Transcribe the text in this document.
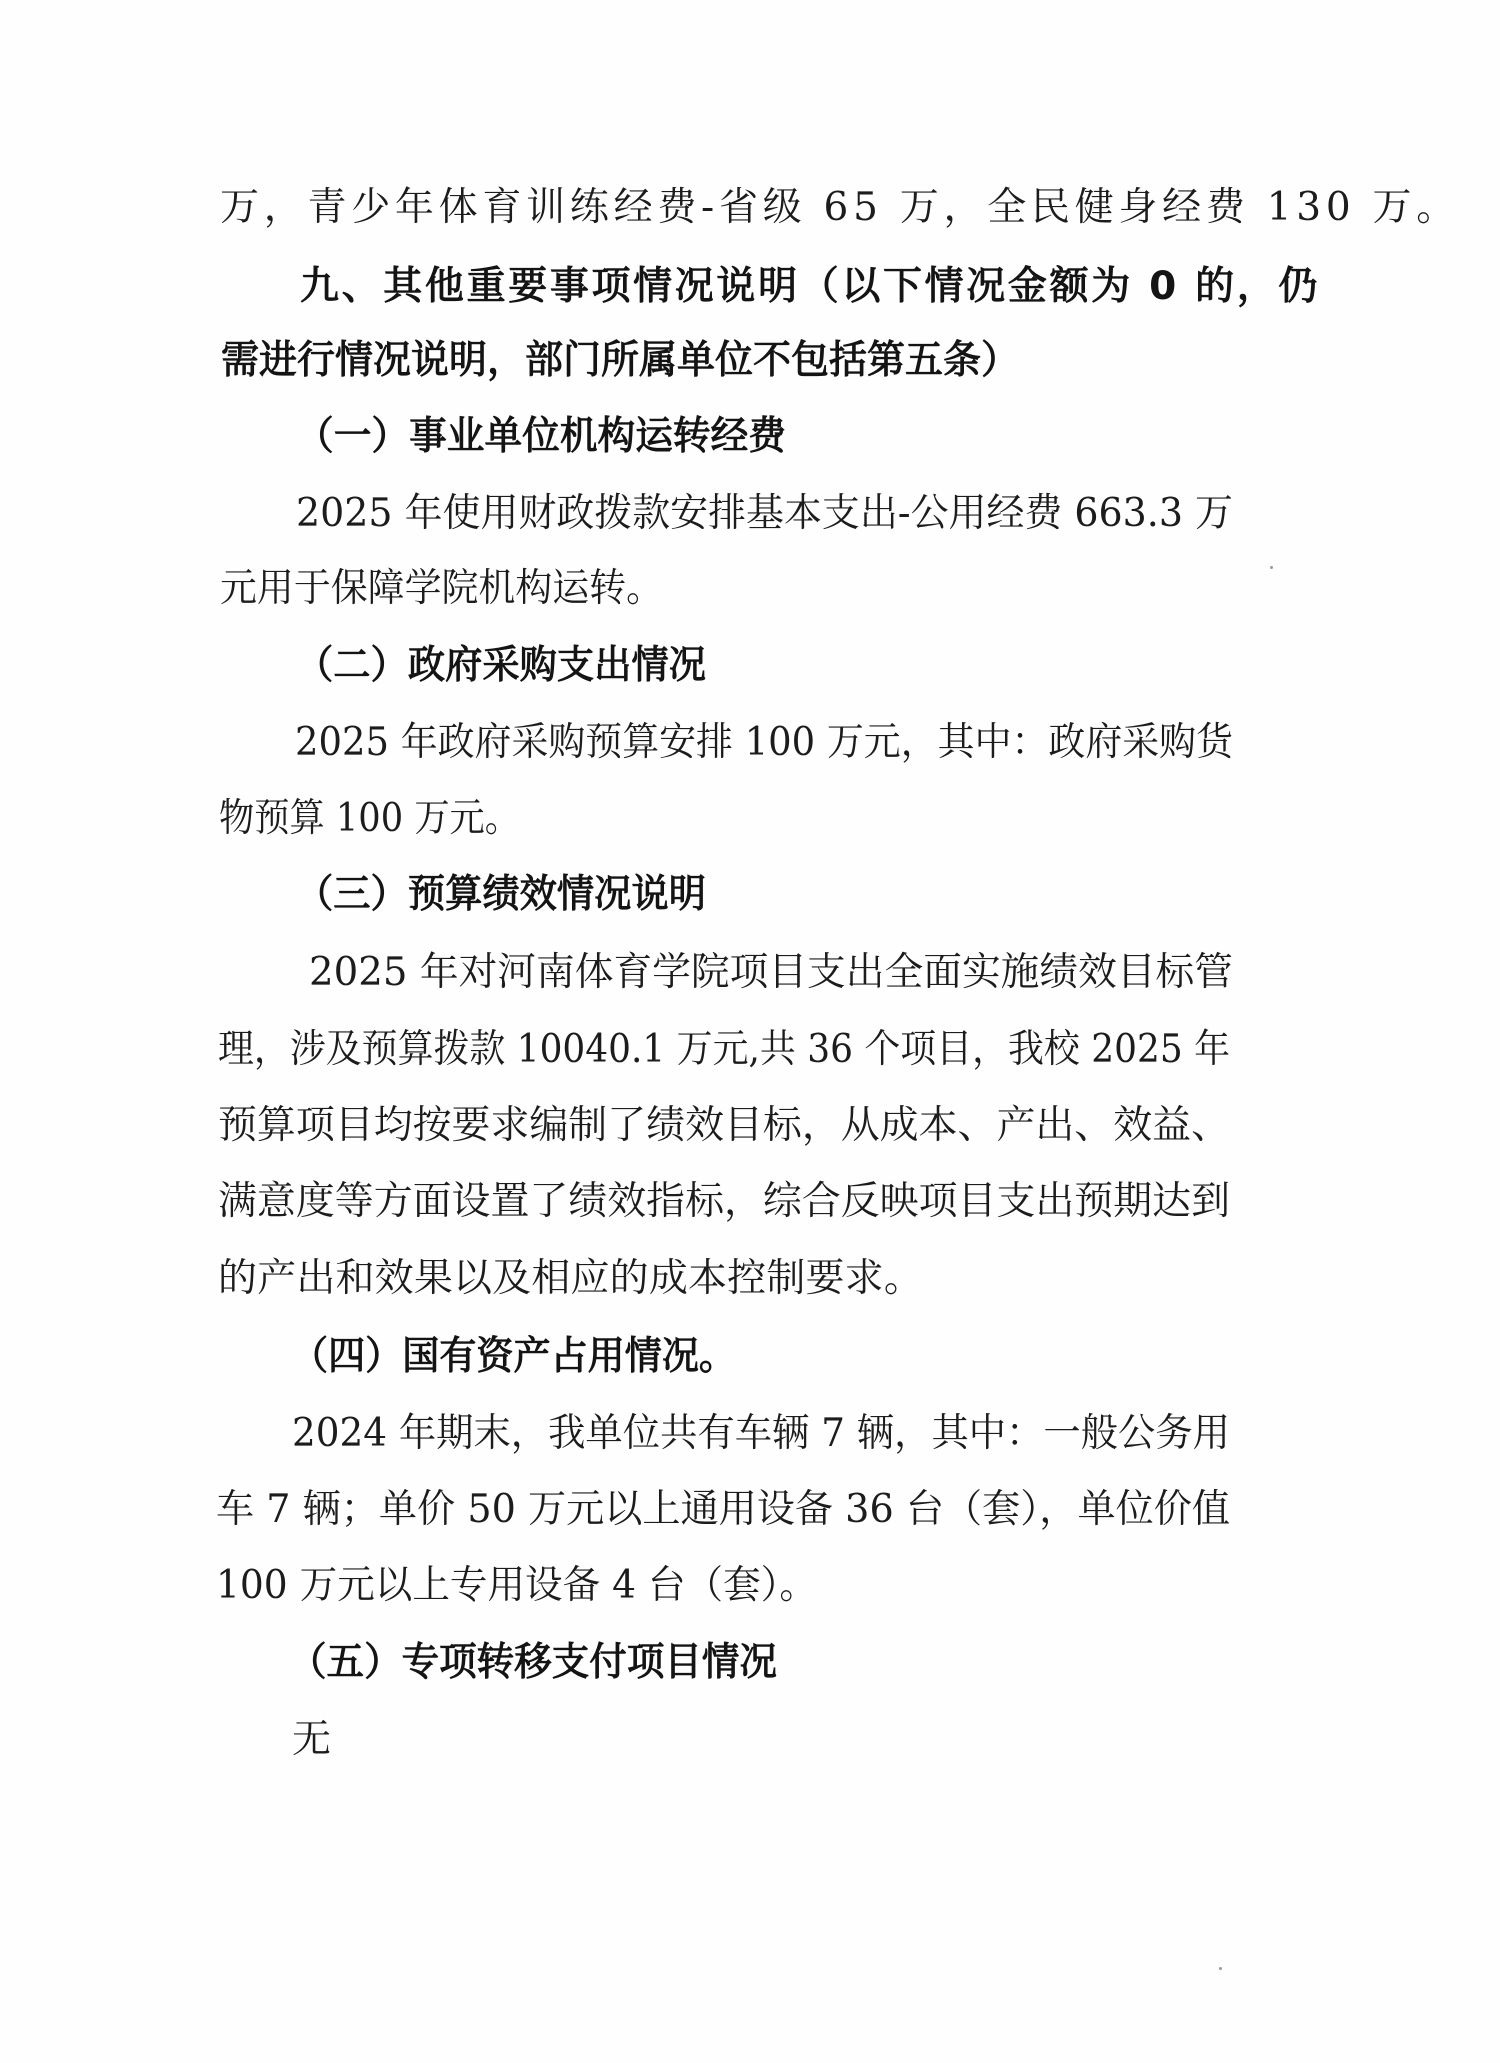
万，青少年体育训练经费-省级 65 万，全民健身经费 130 万。
九、其他重要事项情况说明（以下情况金额为 0 的，仍
需进行情况说明，部门所属单位不包括第五条）
（一）事业单位机构运转经费
2025 年使用财政拨款安排基本支出-公用经费 663.3 万
元用于保障学院机构运转。
（二）政府采购支出情况
2025 年政府采购预算安排 100 万元，其中：政府采购货
物预算 100 万元。
（三）预算绩效情况说明
2025 年对河南体育学院项目支出全面实施绩效目标管
理，涉及预算拨款 10040.1 万元,共 36 个项目，我校 2025 年
预算项目均按要求编制了绩效目标，从成本、产出、效益、
满意度等方面设置了绩效指标，综合反映项目支出预期达到
的产出和效果以及相应的成本控制要求。
（四）国有资产占用情况。
2024 年期末，我单位共有车辆 7 辆，其中：一般公务用
车 7 辆；单价 50 万元以上通用设备 36 台（套），单位价值
100 万元以上专用设备 4 台（套）。
（五）专项转移支付项目情况
无
